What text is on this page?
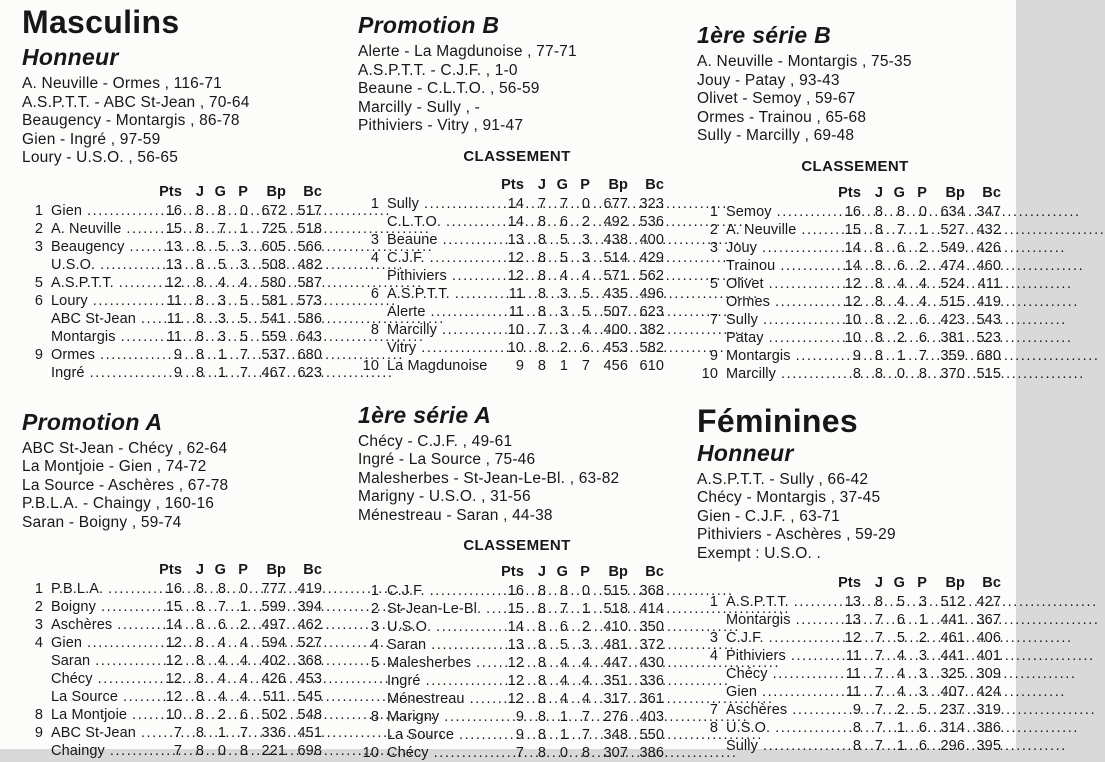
Masculins
Honneur
A. Neuville - Ormes , 116-71
A.S.P.T.T. - ABC St-Jean , 70-64
Beaugency - Montargis , 86-78
Gien - Ingré , 97-59
Loury - U.S.O. , 56-65
Pts J G P	Bp	Bc
1 Gien .....	16 8 8 0 672 517
2 A. Neuville .....	15 8 7 1 725 518
3 Beaugency .....	13 8 5 3 605 566
U.S.O. .....	13 8 5 3 508 482
5 A.S.P.T.T. .....	12 8 4 4 580 587
6 Loury .....	11 8 3 5 581 573
ABC St-Jean .....	11 8 3 5 541 586
Montargis .....	11 8 3 5 559 643
9 Ormes .....	9 8 1 7 537 680
Ingré .....	9 8 1 7 467 623
Promotion A
ABC St-Jean - Chécy , 62-64
La Montjoie - Gien , 74-72
La Source - Aschères , 67-78
P.B.L.A. - Chaingy , 160-16
Saran - Boigny , 59-74
Pts J G P	Bp	Bc
1 P.B.L.A. .....	16 8 8 0 777 419
2 Boigny .....	15 8 7 1 599 394
3 Aschères .....	14 8 6 2 497 462
4 Gien .....	12 8 4 4 594 527
Saran .....	12 8 4 4 402 368
Chécy .....	12 8 4 4 426 453
La Source .....	12 8 4 4	511 545
8 La Montjoie .....	10 8 2 6 502 548
9 ABC St-Jean .....	7 8 1 7 336 451
Chaingy .....	7 8 0 8 221 698
Promotion B
Alerte - La Magdunoise , 77-71
A.S.P.T.T. - C.J.F. , 1-0
Beaune - C.L.T.O. , 56-59
Marcilly - Sully , -
Pithiviers - Vitry , 91-47
CLASSEMENT
Pts J G P	Bp	Bc
1 Sully .....	14 7 7 0 677 323
C.L.T.O. .....	14 8 6 2 492 536
3 Beaune .....	13 8 5 3 438 400
4 C.J.F. .....	12 8 5 3 514 429
Pithiviers .....	12 8 4 4 571 562
6 A.S.P.T.T. .....	11 8 3 5 435 496
Alerte .....	11 8 3 5 507 623
8 Marcilly .....	10 7 3 4 400 382
Vitry .....	10 8 2 6 453 582
10 La Magdunoise	9 8 1 7 456 610
1ère série A
Chécy - C.J.F. , 49-61
Ingré - La Source , 75-46
Malesherbes - St-Jean-Le-Bl. , 63-82
Marigny - U.S.O. , 31-56
Ménestreau - Saran , 44-38
CLASSEMENT
Pts J G P	Bp	Bc
1 C.J.F. .....	16 8 8 0 515 368
2 St-Jean-Le-Bl. .....	15 8 7 1 518 414
3 U.S.O. .....	14 8 6 2 410 350
4 Saran .....	13 8 5 3 481 372
5 Malesherbes .....	12 8 4 4 447 430
Ingré .....	12 8 4 4 351 336
Ménestreau .....	12 8 4 4 317 361
8 Marigny .....	9 8 1 7 276 403
La Source .....	9 8 1 7 348 550
10 Chécy .....	7 8 0 8 307 386
1ère série B
A. Neuville - Montargis , 75-35
Jouy - Patay , 93-43
Olivet - Semoy , 59-67
Ormes - Trainou , 65-68
Sully - Marcilly , 69-48
CLASSEMENT
Pts J G P	Bp	Bc
1 Semoy .....	16 8 8 0 634 347
2 A. Neuville .....	15 8 7 1 527 432
3 Jouy .....	14 8 6 2 549 426
Trainou .....	14 8 6 2 474 460
5 Olivet .....	12 8 4 4 524 411
Ormes .....	12 8 4 4 515 419
7 Sully .....	10 8 2 6 423 543
Patay .....	10 8 2 6 381 523
9 Montargis .....	9 8 1 7 359 680
10 Marcilly .....	8 8 0 8 370 515
Féminines
Honneur
A.S.P.T.T. - Sully , 66-42
Chécy - Montargis , 37-45
Gien - C.J.F. , 63-71
Pithiviers - Aschères , 59-29
Exempt : U.S.O. .
Pts J G P	Bp	Bc
1 A.S.P.T.T. .....	13 8 5 3 512 427
Montargis .....	13 7 6 1 441 367
3 C.J.F. .....	12 7 5 2 461 406
4 Pithiviers .....	11 7 4 3 441 401
Chécy .....	11 7 4 3 325 309
Gien .....	11 7 4 3 407 424
7 Aschères .....	9 7 2 5 237 319
8 U.S.O. .....	8 7 1 6 314 386
Sully .....	8 7 1 6 296 395
